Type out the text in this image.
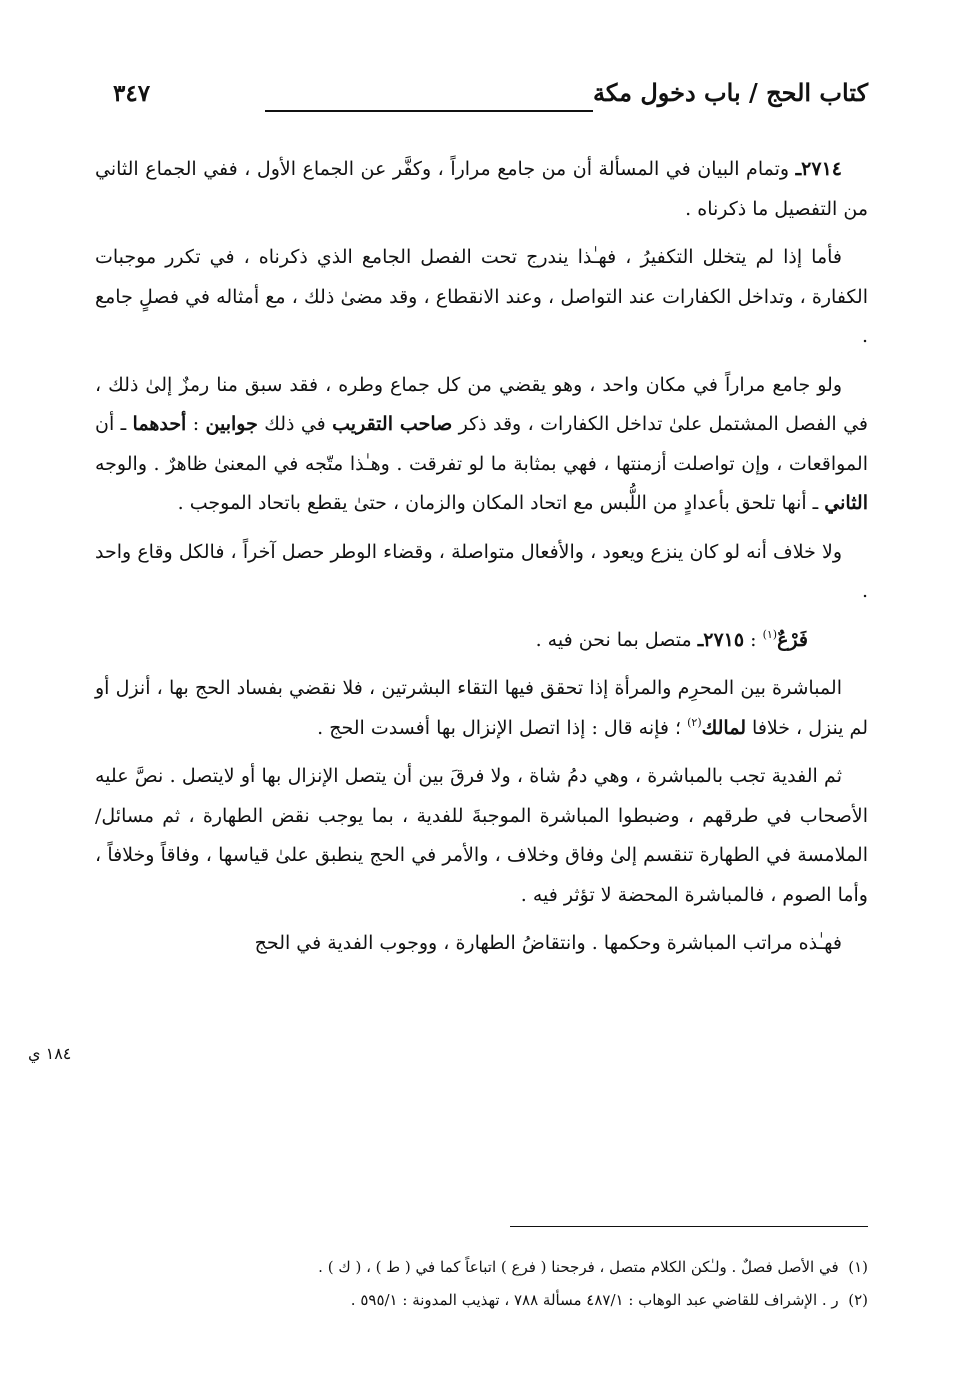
كتاب الحج / باب دخول مكة
٣٤٧

٢٧١٤ـ وتمام البيان في المسألة أن من جامع مراراً ، وكفَّر عن الجماع الأول ، ففي الجماع الثاني من التفصيل ما ذكرناه .

فأما إذا لم يتخلل التكفيرُ ، فهـٰذا يندرج تحت الفصل الجامع الذي ذكرناه ، في تكرر موجبات الكفارة ، وتداخل الكفارات عند التواصل ، وعند الانقطاع ، وقد مضىٰ ذلك ، مع أمثاله في فصلٍ جامع .

ولو جامع مراراً في مكان واحد ، وهو يقضي من كل جماع وطره ، فقد سبق منا رمزٌ إلىٰ ذلك ، في الفصل المشتمل علىٰ تداخل الكفارات ، وقد ذكر صاحب التقريب في ذلك جوابين : أحدهما ـ أن المواقعات ، وإن تواصلت أزمنتها ، فهي بمثابة ما لو تفرقت . وهـٰذا متّجه في المعنىٰ ظاهرٌ . والوجه الثاني ـ أنها تلحق بأعدادٍ من اللُّبس مع اتحاد المكان والزمان ، حتىٰ يقطع باتحاد الموجب .

ولا خلاف أنه لو كان ينزع ويعود ، والأفعال متواصلة ، وقضاء الوطر حصل آخراً ، فالكل وقاع واحد .

فَرْعٌ$^{(١)}$ : ٢٧١٥ـ متصل بما نحن فيه .

المباشرة بين المحرِم والمرأة إذا تحقق فيها التقاء البشرتين ، فلا نقضي بفساد الحج بها ، أنزل أو لم ينزل ، خلافا لمالك$^{(٢)}$ ؛ فإنه قال : إذا اتصل الإنزال بها أفسدت الحج .

ثم الفدية تجب بالمباشرة ، وهي دمُ شاة ، ولا فرقَ بين أن يتصل الإنزال بها أو لايتصل . نصَّ عليه الأصحاب في طرقهم ، وضبطوا المباشرة الموجبةَ للفدية ، بما يوجب نقض الطهارة ، ثم مسائل/ الملامسة في الطهارة تنقسم إلىٰ وفاق وخلاف ، والأمر في الحج ينطبق علىٰ قياسها ، وفاقاً وخلافاً ، وأما الصوم ، فالمباشرة المحضة لا تؤثر فيه .

فهـٰذه مراتب المباشرة وحكمها . وانتقاضُ الطهارة ، ووجوب الفدية في الحج

١٨٤ ي
(١)  في الأصل فصلٌ . ولـٰكن الكلام متصل ، فرجحنا ( فرع ) اتباعاً كما في ( ط ) ، ( ك ) .
(٢)  ر . الإشراف للقاضي عبد الوهاب : ٤٨٧/١ مسألة ٧٨٨ ، تهذيب المدونة : ٥٩٥/١ .
